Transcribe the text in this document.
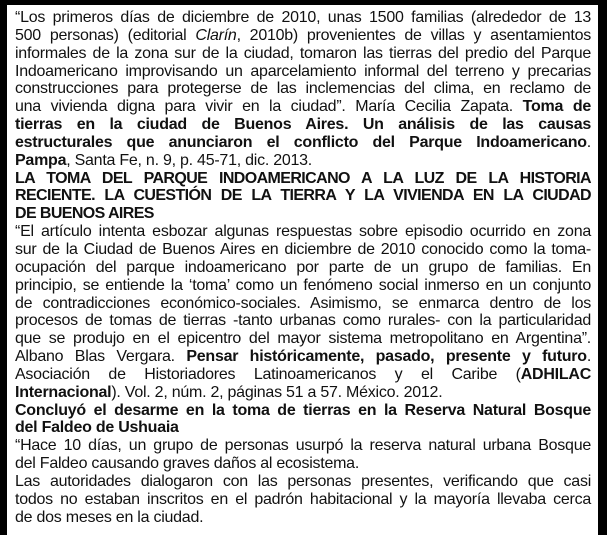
“Los primeros días de diciembre de 2010, unas 1500 familias (alrededor de 13
500 personas) (editorial Clarín, 2010b) provenientes de villas y asentamientos
informales de la zona sur de la ciudad, tomaron las tierras del predio del Parque
Indoamericano improvisando un aparcelamiento informal del terreno y precarias
construcciones para protegerse de las inclemencias del clima, en reclamo de
una vivienda digna para vivir en la ciudad”. María Cecilia Zapata. Toma de
tierras en la ciudad de Buenos Aires. Un análisis de las causas
estructurales que anunciaron el conflicto del Parque Indoamericano.
Pampa, Santa Fe, n. 9, p. 45-71, dic. 2013.
LA TOMA DEL PARQUE INDOAMERICANO A LA LUZ DE LA HISTORIA
RECIENTE. LA CUESTIÓN DE LA TIERRA Y LA VIVIENDA EN LA CIUDAD
DE BUENOS AIRES
“El artículo intenta esbozar algunas respuestas sobre episodio ocurrido en zona
sur de la Ciudad de Buenos Aires en diciembre de 2010 conocido como la toma-
ocupación del parque indoamericano por parte de un grupo de familias. En
principio, se entiende la ‘toma’ como un fenómeno social inmerso en un conjunto
de contradicciones económico-sociales. Asimismo, se enmarca dentro de los
procesos de tomas de tierras -tanto urbanas como rurales- con la particularidad
que se produjo en el epicentro del mayor sistema metropolitano en Argentina”.
Albano Blas Vergara. Pensar históricamente, pasado, presente y futuro.
Asociación de Historiadores Latinoamericanos y el Caribe (ADHILAC
Internacional). Vol. 2, núm. 2, páginas 51 a 57. México. 2012.
Concluyó el desarme en la toma de tierras en la Reserva Natural Bosque
del Faldeo de Ushuaia
“Hace 10 días, un grupo de personas usurpó la reserva natural urbana Bosque
del Faldeo causando graves daños al ecosistema.
Las autoridades dialogaron con las personas presentes, verificando que casi
todos no estaban inscritos en el padrón habitacional y la mayoría llevaba cerca
de dos meses en la ciudad.
